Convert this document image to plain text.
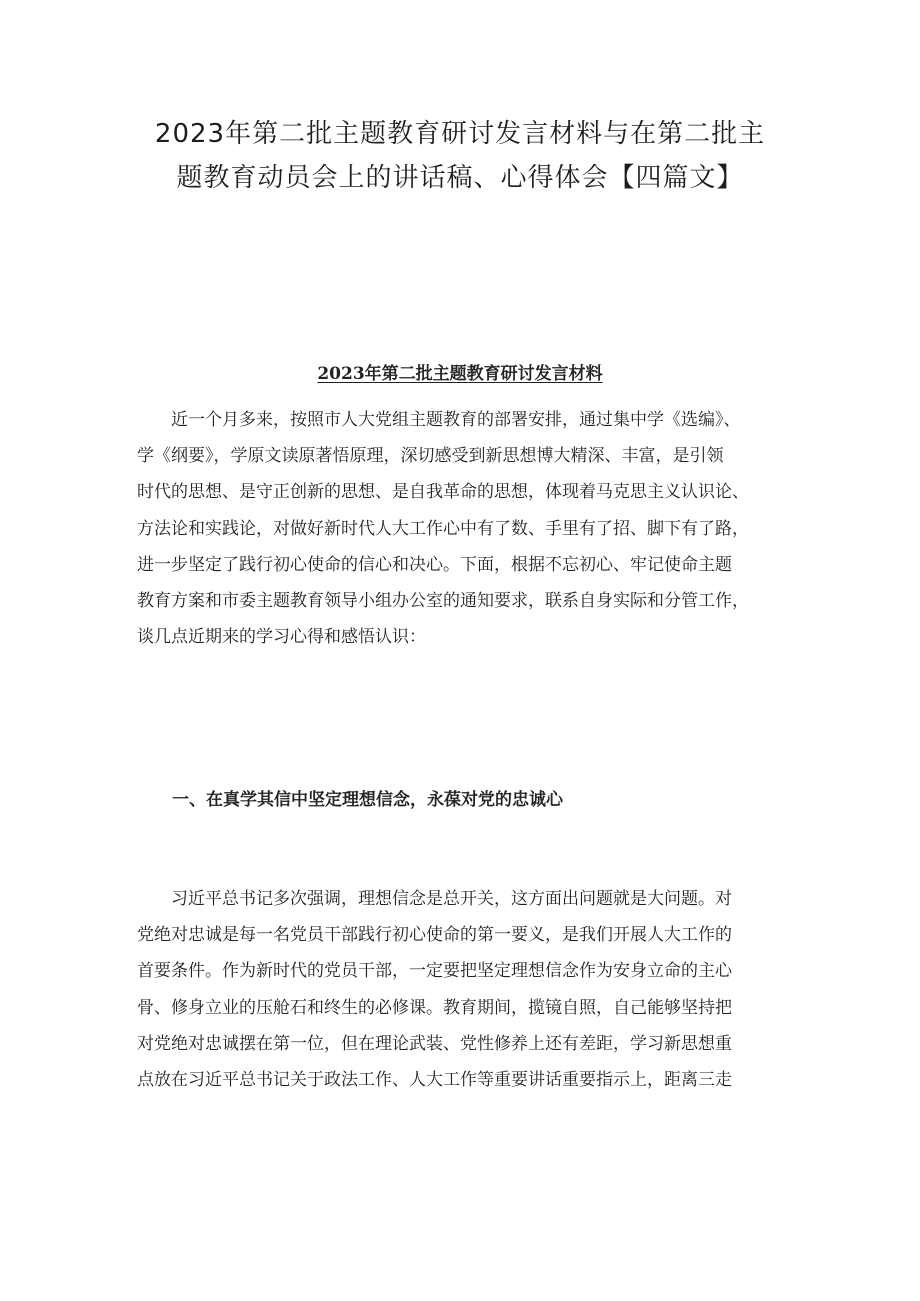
2023年第二批主题教育研讨发言材料与在第二批主
题教育动员会上的讲话稿、心得体会【四篇文】
2023年第二批主题教育研讨发言材料
　　近一个月多来，按照市人大党组主题教育的部署安排，通过集中学《选编》、
学《纲要》，学原文读原著悟原理，深切感受到新思想博大精深、丰富，是引领
时代的思想、是守正创新的思想、是自我革命的思想，体现着马克思主义认识论、
方法论和实践论，对做好新时代人大工作心中有了数、手里有了招、脚下有了路，
进一步坚定了践行初心使命的信心和决心。下面，根据不忘初心、牢记使命主题
教育方案和市委主题教育领导小组办公室的通知要求，联系自身实际和分管工作，
谈几点近期来的学习心得和感悟认识：
一、在真学其信中坚定理想信念，永葆对党的忠诚心
　　习近平总书记多次强调，理想信念是总开关，这方面出问题就是大问题。对
党绝对忠诚是每一名党员干部践行初心使命的第一要义，是我们开展人大工作的
首要条件。作为新时代的党员干部，一定要把坚定理想信念作为安身立命的主心
骨、修身立业的压舱石和终生的必修课。教育期间，揽镜自照，自己能够坚持把
对党绝对忠诚摆在第一位，但在理论武装、党性修养上还有差距，学习新思想重
点放在习近平总书记关于政法工作、人大工作等重要讲话重要指示上，距离三走
